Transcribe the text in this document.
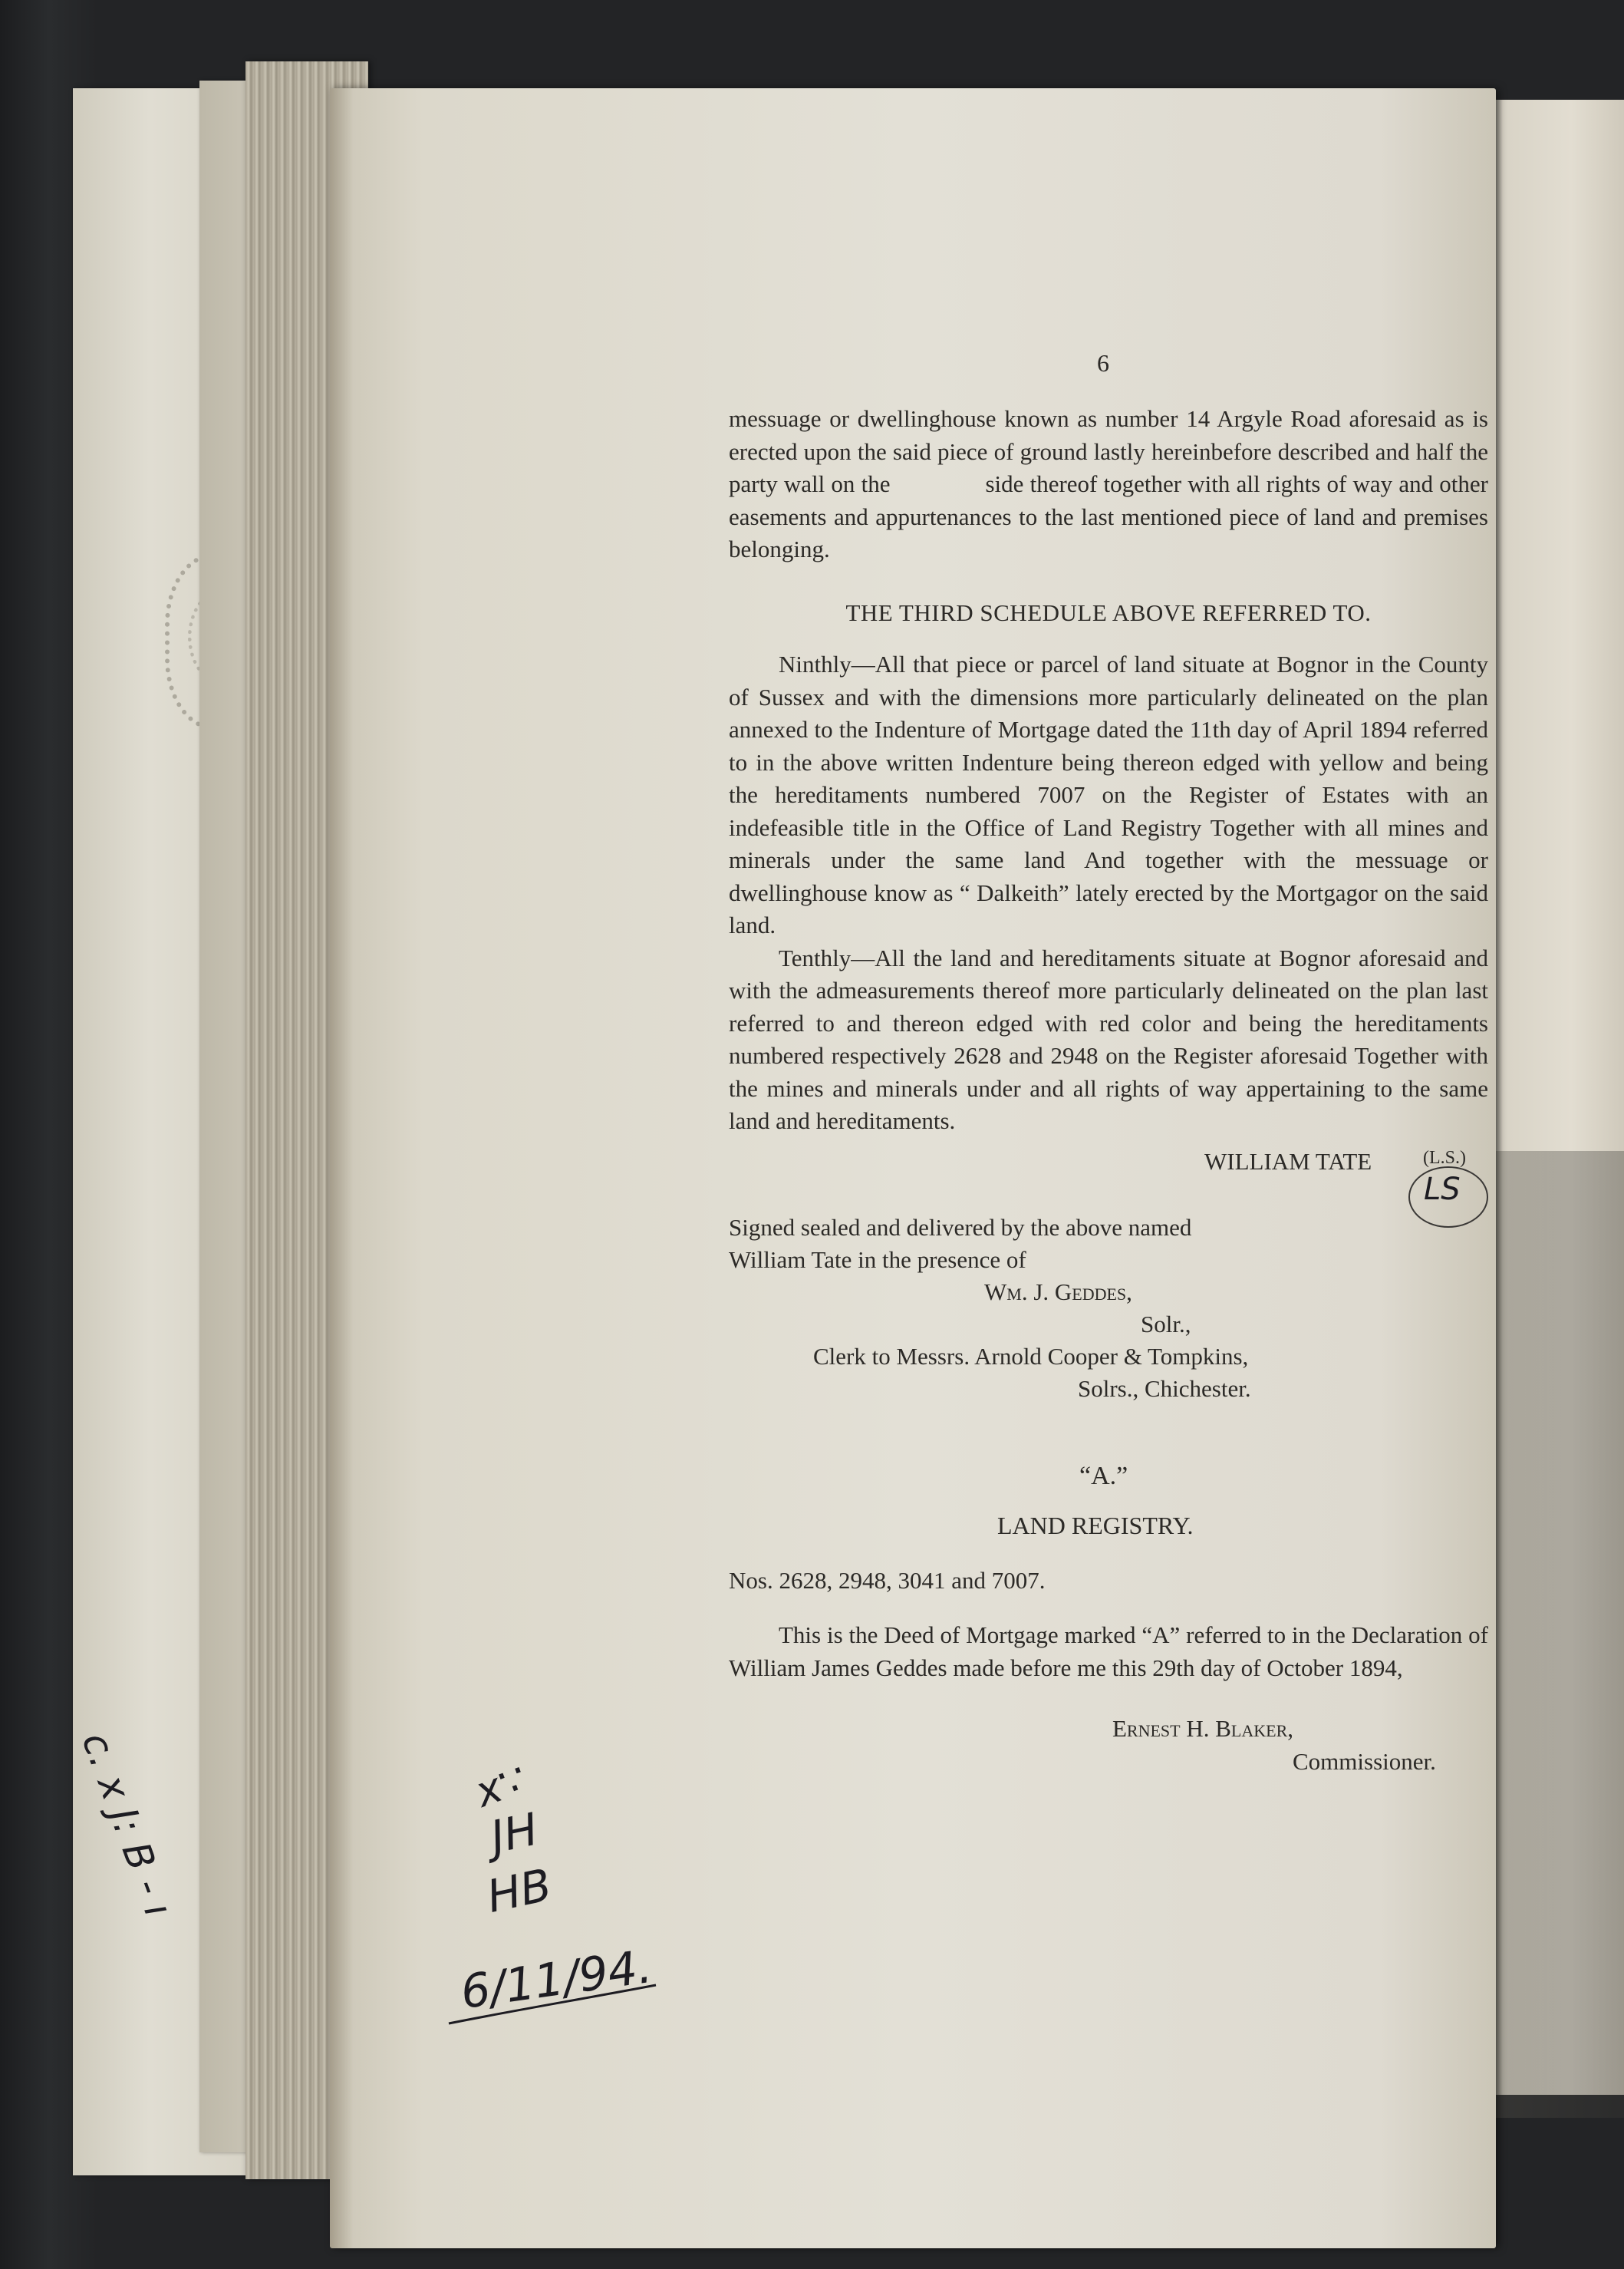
6

messuage or dwellinghouse known as number 14 Argyle Road aforesaid as is erected upon the said piece of ground lastly hereinbefore described and half the party wall on the    side thereof together with all rights of way and other easements and appurtenances to the last mentioned piece of land and premises belonging.

THE THIRD SCHEDULE ABOVE REFERRED TO.

Ninthly—All that piece or parcel of land situate at Bognor in the County of Sussex and with the dimensions more particularly delineated on the plan annexed to the Indenture of Mortgage dated the 11th day of April 1894 referred to in the above written Indenture being thereon edged with yellow and being the hereditaments numbered 7007 on the Register of Estates with an indefeasible title in the Office of Land Registry Together with all mines and minerals under the same land And together with the messuage or dwellinghouse know as “ Dalkeith” lately erected by the Mortgagor on the said land.

Tenthly—All the land and hereditaments situate at Bognor aforesaid and with the admeasurements thereof more particularly delineated on the plan last referred to and thereon edged with red color and being the hereditaments numbered respectively 2628 and 2948 on the Register aforesaid Together with the mines and minerals under and all rights of way appertaining to the same land and hereditaments.

WILLIAM TATE	(L.S.)
LS
Signed sealed and delivered by the above named
William Tate in the presence of
Wm. J. Geddes,
Solr.,
Clerk to Messrs. Arnold Cooper & Tompkins,
Solrs., Chichester.
“A.”
LAND REGISTRY.
Nos. 2628, 2948, 3041 and 7007.

This is the Deed of Mortgage marked “A” referred to in the Declaration of William James Geddes made before me this 29th day of October 1894,

Ernest H. Blaker,
Commissioner.
x∵
JH
HB
6/11/94.
c. x J: B - ı
